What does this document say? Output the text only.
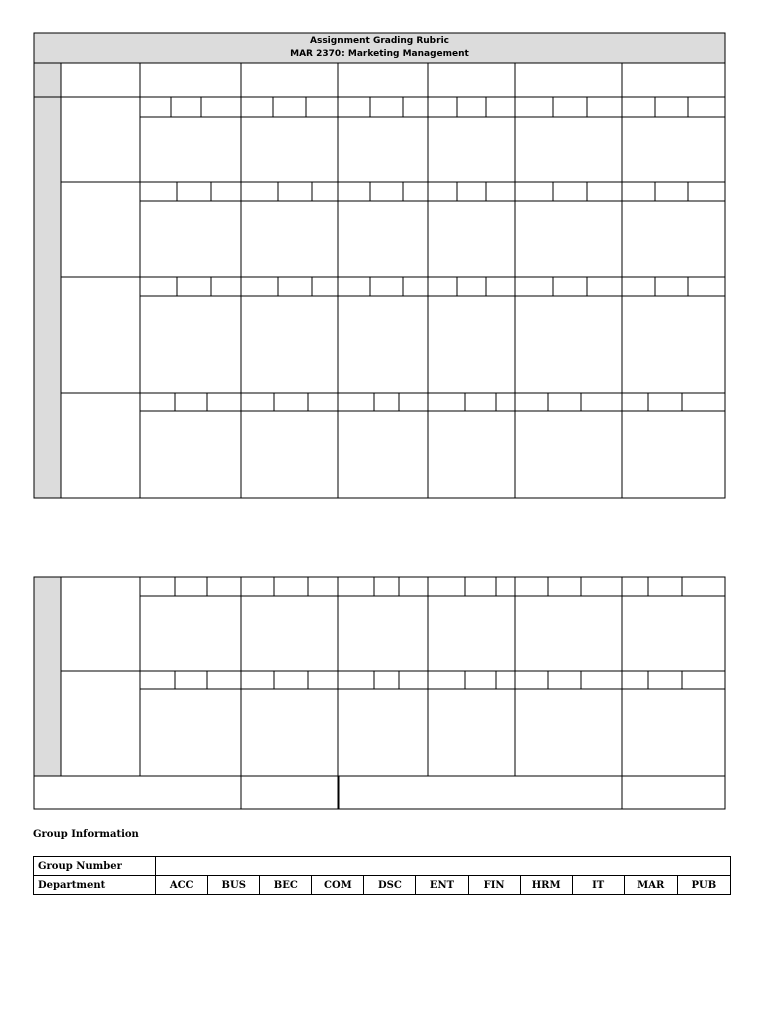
Assignment Grading Rubric
MAR 2370: Marketing Management
Group Information
Group Number											
Department	ACC	BUS	BEC	COM	DSC	ENT	FIN	HRM	IT	MAR	PUB
